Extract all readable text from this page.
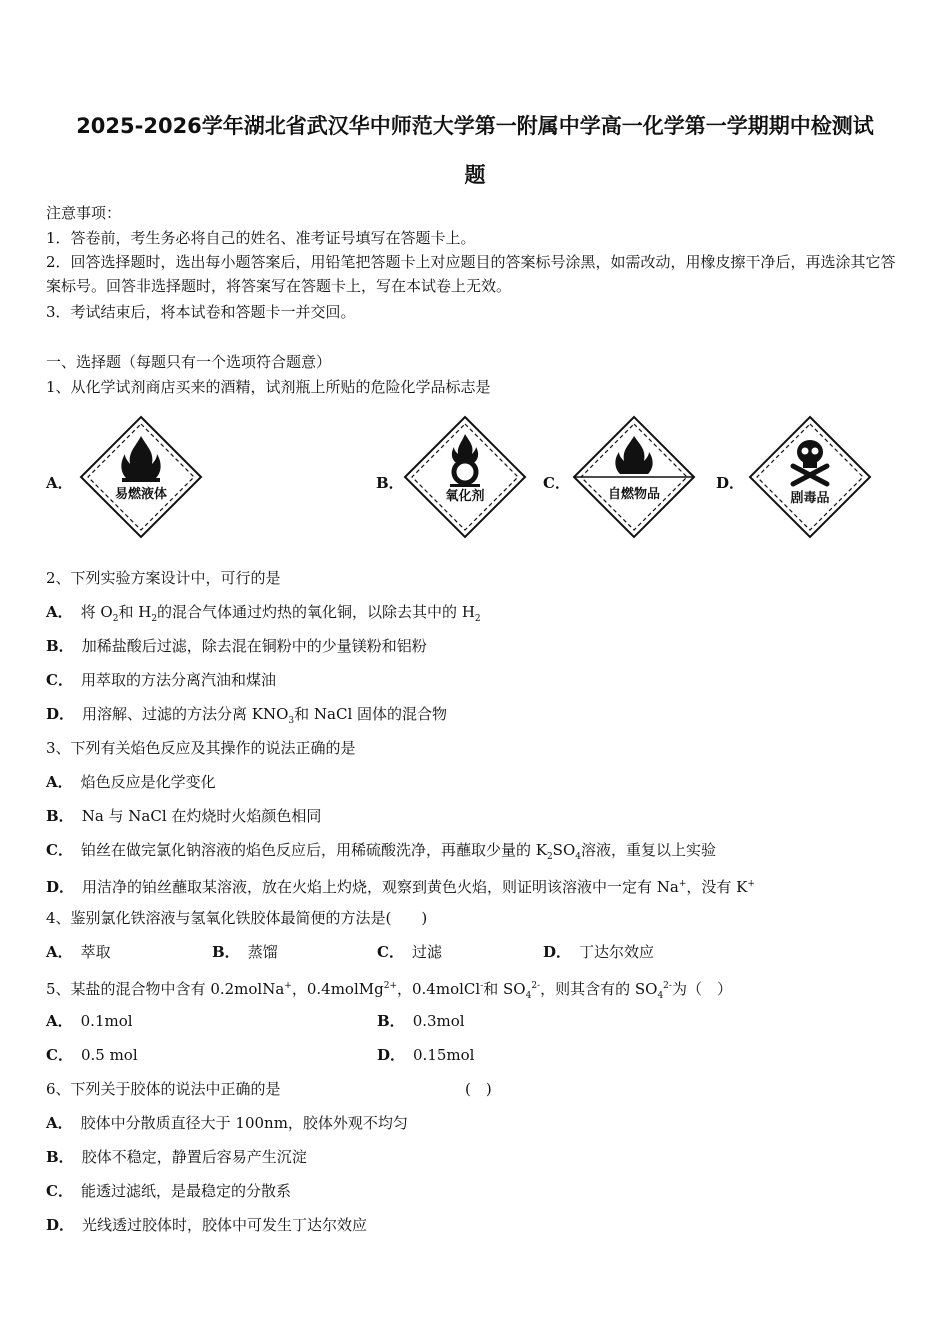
2025-2026学年湖北省武汉华中师范大学第一附属中学高一化学第一学期期中检测试
题
注意事项：
1．答卷前，考生务必将自己的姓名、准考证号填写在答题卡上。
2．回答选择题时，选出每小题答案后，用铅笔把答题卡上对应题目的答案标号涂黑，如需改动，用橡皮擦干净后，再选涂其它答案标号。回答非选择题时，将答案写在答题卡上，写在本试卷上无效。
3．考试结束后，将本试卷和答题卡一并交回。
一、选择题（每题只有一个选项符合题意）
1、从化学试剂商店买来的酒精，试剂瓶上所贴的危险化学品标志是
A．
易燃液体
B．
氧化剂
C．
自燃物品
D．
剧毒品
2、下列实验方案设计中，可行的是
A． 将 $O_2$和 $H_2$的混合气体通过灼热的氧化铜，以除去其中的 $H_2$
B． 加稀盐酸后过滤，除去混在铜粉中的少量镁粉和铝粉
C． 用萃取的方法分离汽油和煤油
D． 用溶解、过滤的方法分离 $KNO_3$和 NaCl 固体的混合物
3、下列有关焰色反应及其操作的说法正确的是
A． 焰色反应是化学变化
B． Na 与 NaCl 在灼烧时火焰颜色相同
C． 铂丝在做完氯化钠溶液的焰色反应后，用稀硫酸洗净，再蘸取少量的 $K_2SO_4$溶液，重复以上实验
D． 用洁净的铂丝蘸取某溶液，放在火焰上灼烧，观察到黄色火焰，则证明该溶液中一定有 Na+，没有 K+
4、鉴别氯化铁溶液与氢氧化铁胶体最简便的方法是(　　)
A． 萃取	B． 蒸馏	C． 过滤	D． 丁达尔效应
5、某盐的混合物中含有 0.2molNa+，0.4molMg$^{2+}$，0.4molCl-和 $SO_4^{2-}$，则其含有的 $SO_4^{2-}$为（　）
A． 0.1mol	B． 0.3mol
C． 0.5 mol	D． 0.15mol
6、下列关于胶体的说法中正确的是	(　)
A． 胶体中分散质直径大于 100nm，胶体外观不均匀
B． 胶体不稳定，静置后容易产生沉淀
C． 能透过滤纸，是最稳定的分散系
D． 光线透过胶体时，胶体中可发生丁达尔效应
